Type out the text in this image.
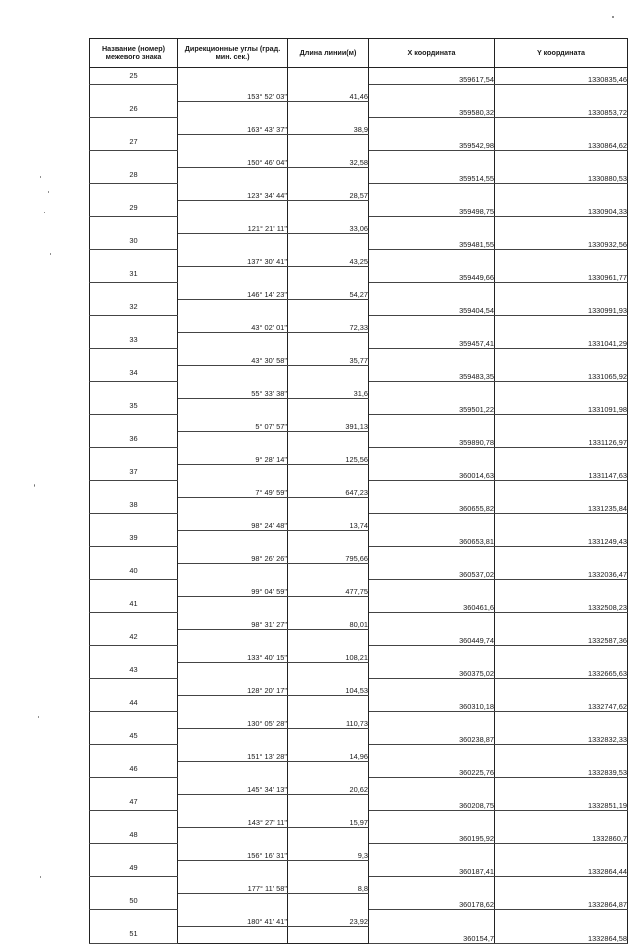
Название (номер) межевого знака	Дирекционные углы (град. мин. сек.)	Длина линии(м)	X координата	Y координата
25			359617,54	1330835,46
	153° 52' 03"	41,46		
26			359580,32	1330853,72
	163° 43' 37"	38,9		
27			359542,98	1330864,62
	150° 46' 04"	32,58		
28			359514,55	1330880,53
	123° 34' 44"	28,57		
29			359498,75	1330904,33
	121° 21' 11"	33,06		
30			359481,55	1330932,56
	137° 30' 41"	43,25		
31			359449,66	1330961,77
	146° 14' 23"	54,27		
32			359404,54	1330991,93
	43° 02' 01"	72,33		
33			359457,41	1331041,29
	43° 30' 58"	35,77		
34			359483,35	1331065,92
	55° 33' 38"	31,6		
35			359501,22	1331091,98
	5° 07' 57"	391,13		
36			359890,78	1331126,97
	9° 28' 14"	125,56		
37			360014,63	1331147,63
	7° 49' 59"	647,23		
38			360655,82	1331235,84
	98° 24' 48"	13,74		
39			360653,81	1331249,43
	98° 26' 26"	795,66		
40			360537,02	1332036,47
	99° 04' 59"	477,75		
41			360461,6	1332508,23
	98° 31' 27"	80,01		
42			360449,74	1332587,36
	133° 40' 15"	108,21		
43			360375,02	1332665,63
	128° 20' 17"	104,53		
44			360310,18	1332747,62
	130° 05' 28"	110,73		
45			360238,87	1332832,33
	151° 13' 28"	14,96		
46			360225,76	1332839,53
	145° 34' 13"	20,62		
47			360208,75	1332851,19
	143° 27' 11"	15,97		
48			360195,92	1332860,7
	156° 16' 31"	9,3		
49			360187,41	1332864,44
	177° 11' 58"	8,8		
50			360178,62	1332864,87
	180° 41' 41"	23,92		
51			360154,7	1332864,58
